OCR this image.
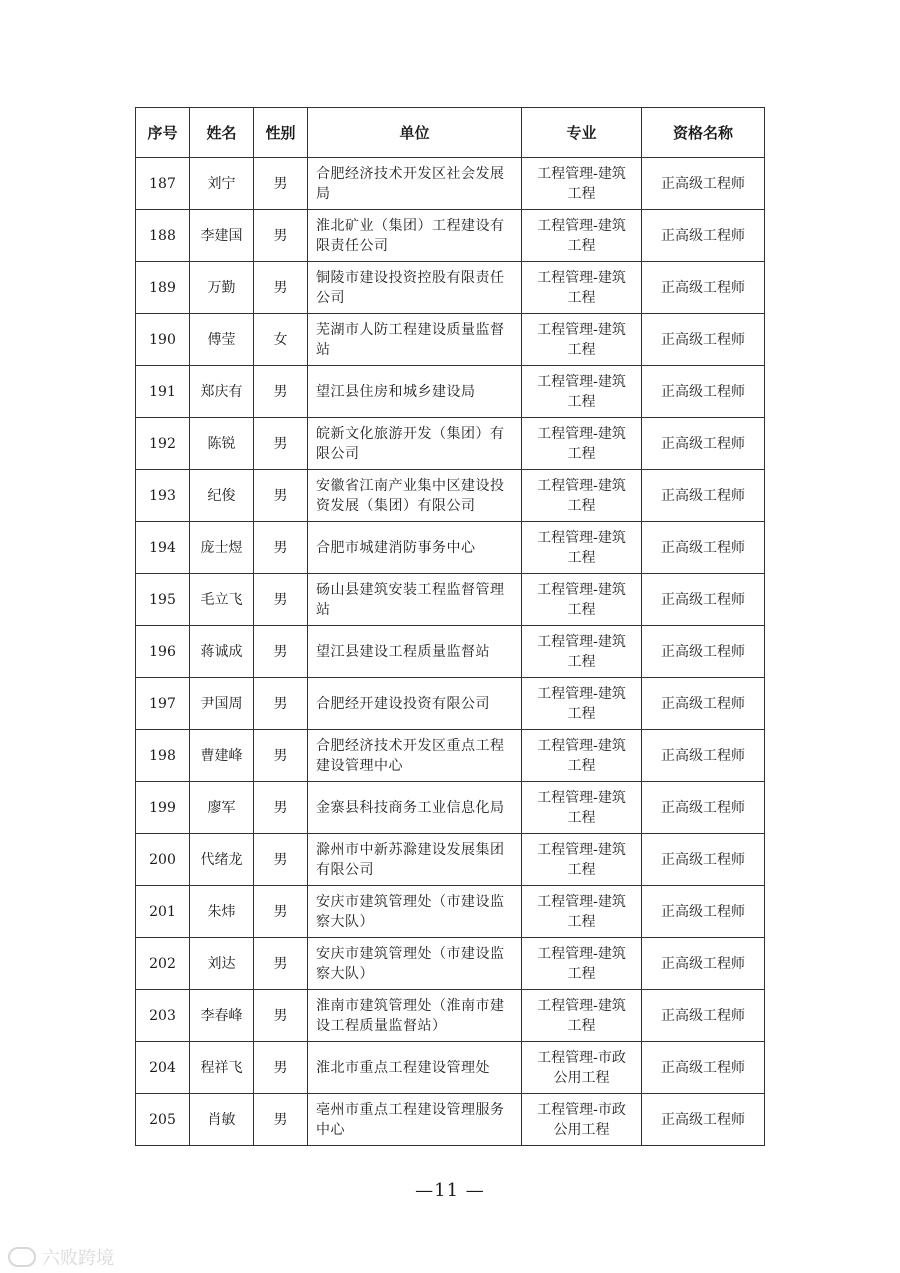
序号	姓名	性别	单位	专业	资格名称
187	刘宁	男	合肥经济技术开发区社会发展局	工程管理-建筑工程	正高级工程师
188	李建国	男	淮北矿业（集团）工程建设有限责任公司	工程管理-建筑工程	正高级工程师
189	万勤	男	铜陵市建设投资控股有限责任公司	工程管理-建筑工程	正高级工程师
190	傅莹	女	芜湖市人防工程建设质量监督站	工程管理-建筑工程	正高级工程师
191	郑庆有	男	望江县住房和城乡建设局	工程管理-建筑工程	正高级工程师
192	陈锐	男	皖新文化旅游开发（集团）有限公司	工程管理-建筑工程	正高级工程师
193	纪俊	男	安徽省江南产业集中区建设投资发展（集团）有限公司	工程管理-建筑工程	正高级工程师
194	庞士煜	男	合肥市城建消防事务中心	工程管理-建筑工程	正高级工程师
195	毛立飞	男	砀山县建筑安装工程监督管理站	工程管理-建筑工程	正高级工程师
196	蒋诚成	男	望江县建设工程质量监督站	工程管理-建筑工程	正高级工程师
197	尹国周	男	合肥经开建设投资有限公司	工程管理-建筑工程	正高级工程师
198	曹建峰	男	合肥经济技术开发区重点工程建设管理中心	工程管理-建筑工程	正高级工程师
199	廖军	男	金寨县科技商务工业信息化局	工程管理-建筑工程	正高级工程师
200	代绪龙	男	滁州市中新苏滁建设发展集团有限公司	工程管理-建筑工程	正高级工程师
201	朱炜	男	安庆市建筑管理处（市建设监察大队）	工程管理-建筑工程	正高级工程师
202	刘达	男	安庆市建筑管理处（市建设监察大队）	工程管理-建筑工程	正高级工程师
203	李春峰	男	淮南市建筑管理处（淮南市建设工程质量监督站）	工程管理-建筑工程	正高级工程师
204	程祥飞	男	淮北市重点工程建设管理处	工程管理-市政公用工程	正高级工程师
205	肖敏	男	亳州市重点工程建设管理服务中心	工程管理-市政公用工程	正高级工程师
—11 —
六败跨境
